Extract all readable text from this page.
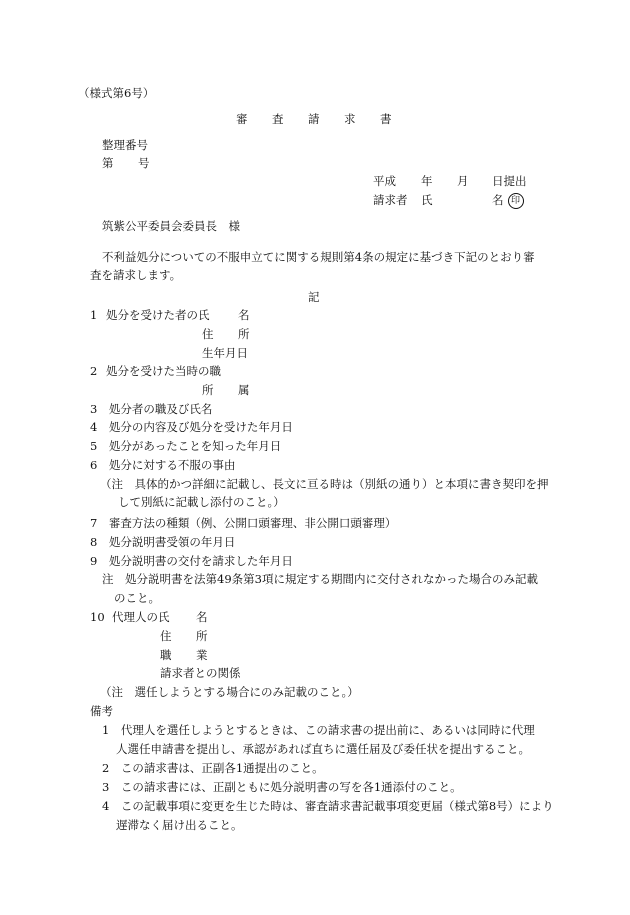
（様式第6号）
審 査 請 求 書
整理番号
第 号
平成 年 月 日提出
請求者 氏	名 印
筑紫公平委員会委員長　様
不利益処分についての不服申立てに関する規則第4条の規定に基づき下記のとおり審
査を請求します。
記
1 処分を受けた者の氏 名
住 所
生年月日
2 処分を受けた当時の職
所 属
3　処分者の職及び氏名
4　処分の内容及び処分を受けた年月日
5　処分があったことを知った年月日
6　処分に対する不服の事由
（注　具体的かつ詳細に記載し、長文に亘る時は（別紙の通り）と本項に書き契印を押
して別紙に記載し添付のこと。）
7　審査方法の種類（例、公開口頭審理、非公開口頭審理）
8　処分説明書受領の年月日
9　処分説明書の交付を請求した年月日
注　処分説明書を法第49条第3項に規定する期間内に交付されなかった場合のみ記載
のこと。
10 代理人の氏 名
住 所
職 業
請求者との関係
（注　選任しようとする場合にのみ記載のこと。）
備考
1　代理人を選任しようとするときは、この請求書の提出前に、あるいは同時に代理
人選任申請書を提出し、承認があれば直ちに選任届及び委任状を提出すること。
2　この請求書は、正副各1通提出のこと。
3　この請求書には、正副ともに処分説明書の写を各1通添付のこと。
4　この記載事項に変更を生じた時は、審査請求書記載事項変更届（様式第8号）により
遅滞なく届け出ること。
